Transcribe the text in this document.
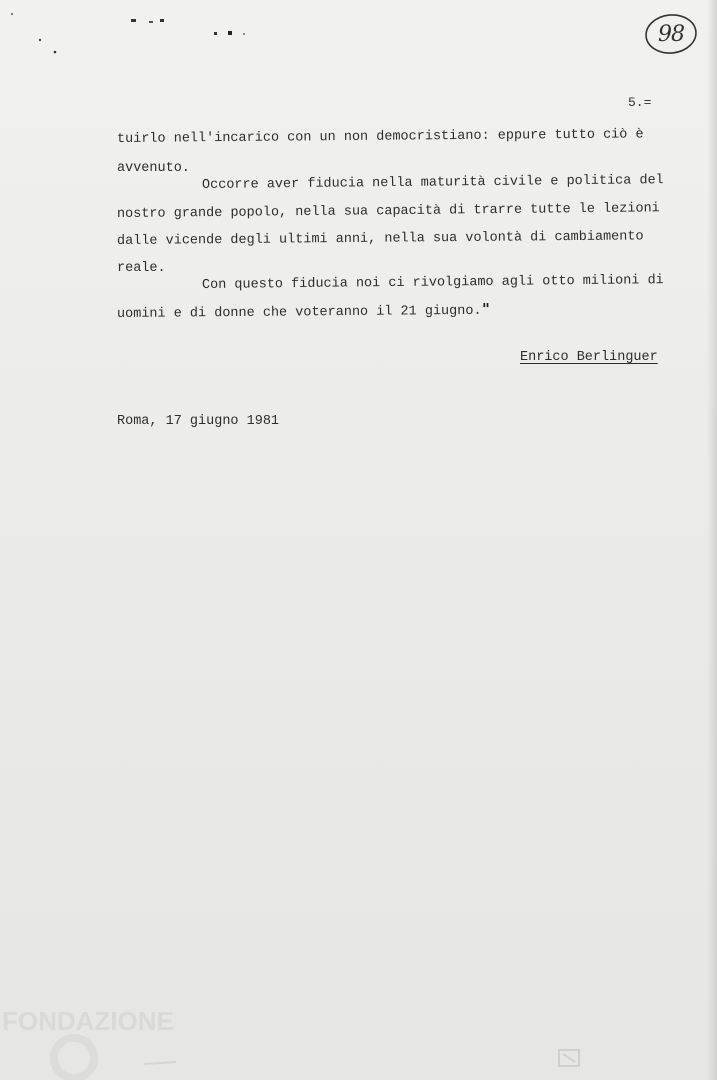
98
5.=
tuirlo nell'incarico con un non democristiano: eppure tutto ciò è
avvenuto.
Occorre aver fiducia nella maturità civile e politica del
nostro grande popolo, nella sua capacità di trarre tutte le lezioni
dalle vicende degli ultimi anni, nella sua volontà di cambiamento
reale.
Con questo fiducia noi ci rivolgiamo agli otto milioni di
uomini e di donne che voteranno il 21 giugno. "
Enrico Berlinguer
Roma, 17 giugno 1981
FONDAZIONE
